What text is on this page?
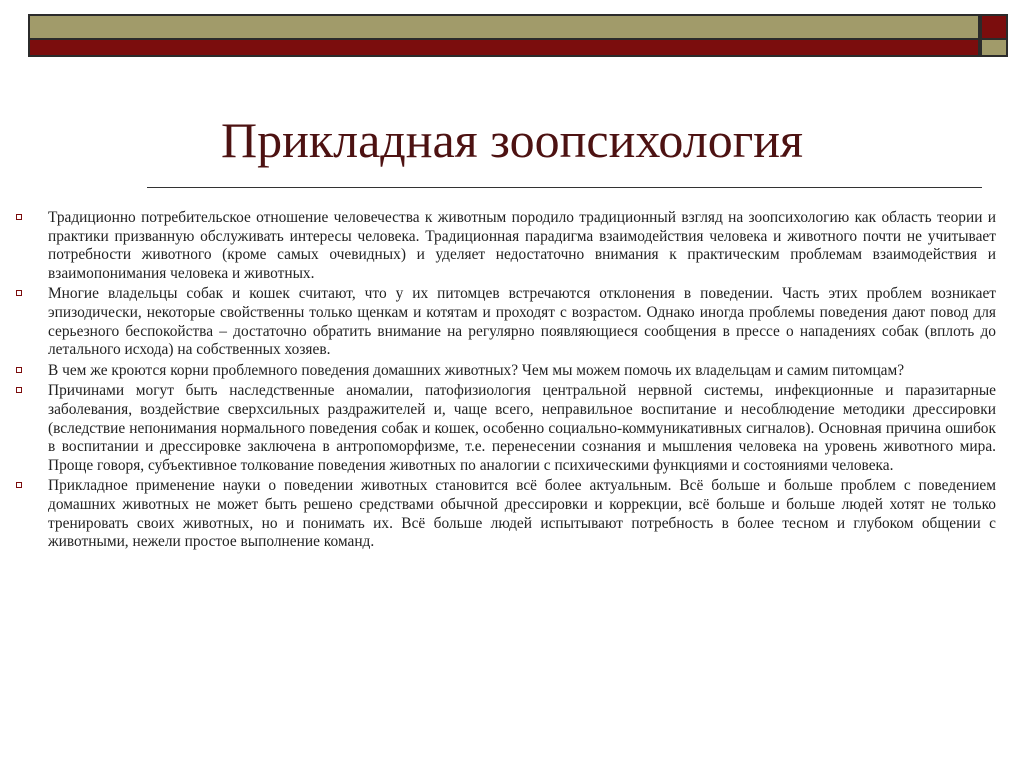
Прикладная зоопсихология
Традиционно потребительское отношение человечества к животным породило традиционный взгляд на зоопсихологию как область теории и практики призванную обслуживать интересы человека. Традиционная парадигма взаимодействия человека и животного почти не учитывает потребности животного (кроме самых очевидных) и уделяет недостаточно внимания к практическим проблемам взаимодействия и взаимопонимания человека и животных.
Многие владельцы собак и кошек считают, что у их питомцев встречаются отклонения в поведении. Часть этих проблем возникает эпизодически, некоторые свойственны только щенкам и котятам и проходят с возрастом. Однако иногда проблемы поведения дают повод для серьезного беспокойства – достаточно обратить внимание на регулярно появляющиеся сообщения в прессе о нападениях собак (вплоть до летального исхода) на собственных хозяев.
В чем же кроются корни проблемного поведения домашних животных? Чем мы можем помочь их владельцам и самим питомцам?
Причинами могут быть наследственные аномалии, патофизиология центральной нервной системы, инфекционные и паразитарные заболевания, воздействие сверхсильных раздражителей и, чаще всего, неправильное воспитание и несоблюдение методики дрессировки (вследствие непонимания нормального поведения собак и кошек, особенно социально-коммуникативных сигналов). Основная причина ошибок в воспитании и дрессировке заключена в антропоморфизме, т.е. перенесении сознания и мышления человека на уровень животного мира. Проще говоря, субъективное толкование поведения животных по аналогии с психическими функциями и состояниями человека.
Прикладное применение науки о поведении животных становится всё более актуальным. Всё больше и больше проблем с поведением домашних животных не может быть решено средствами обычной дрессировки и коррекции, всё больше и больше людей хотят не только тренировать своих животных, но и понимать их. Всё больше людей испытывают потребность в более тесном и глубоком общении с животными, нежели простое выполнение команд.
